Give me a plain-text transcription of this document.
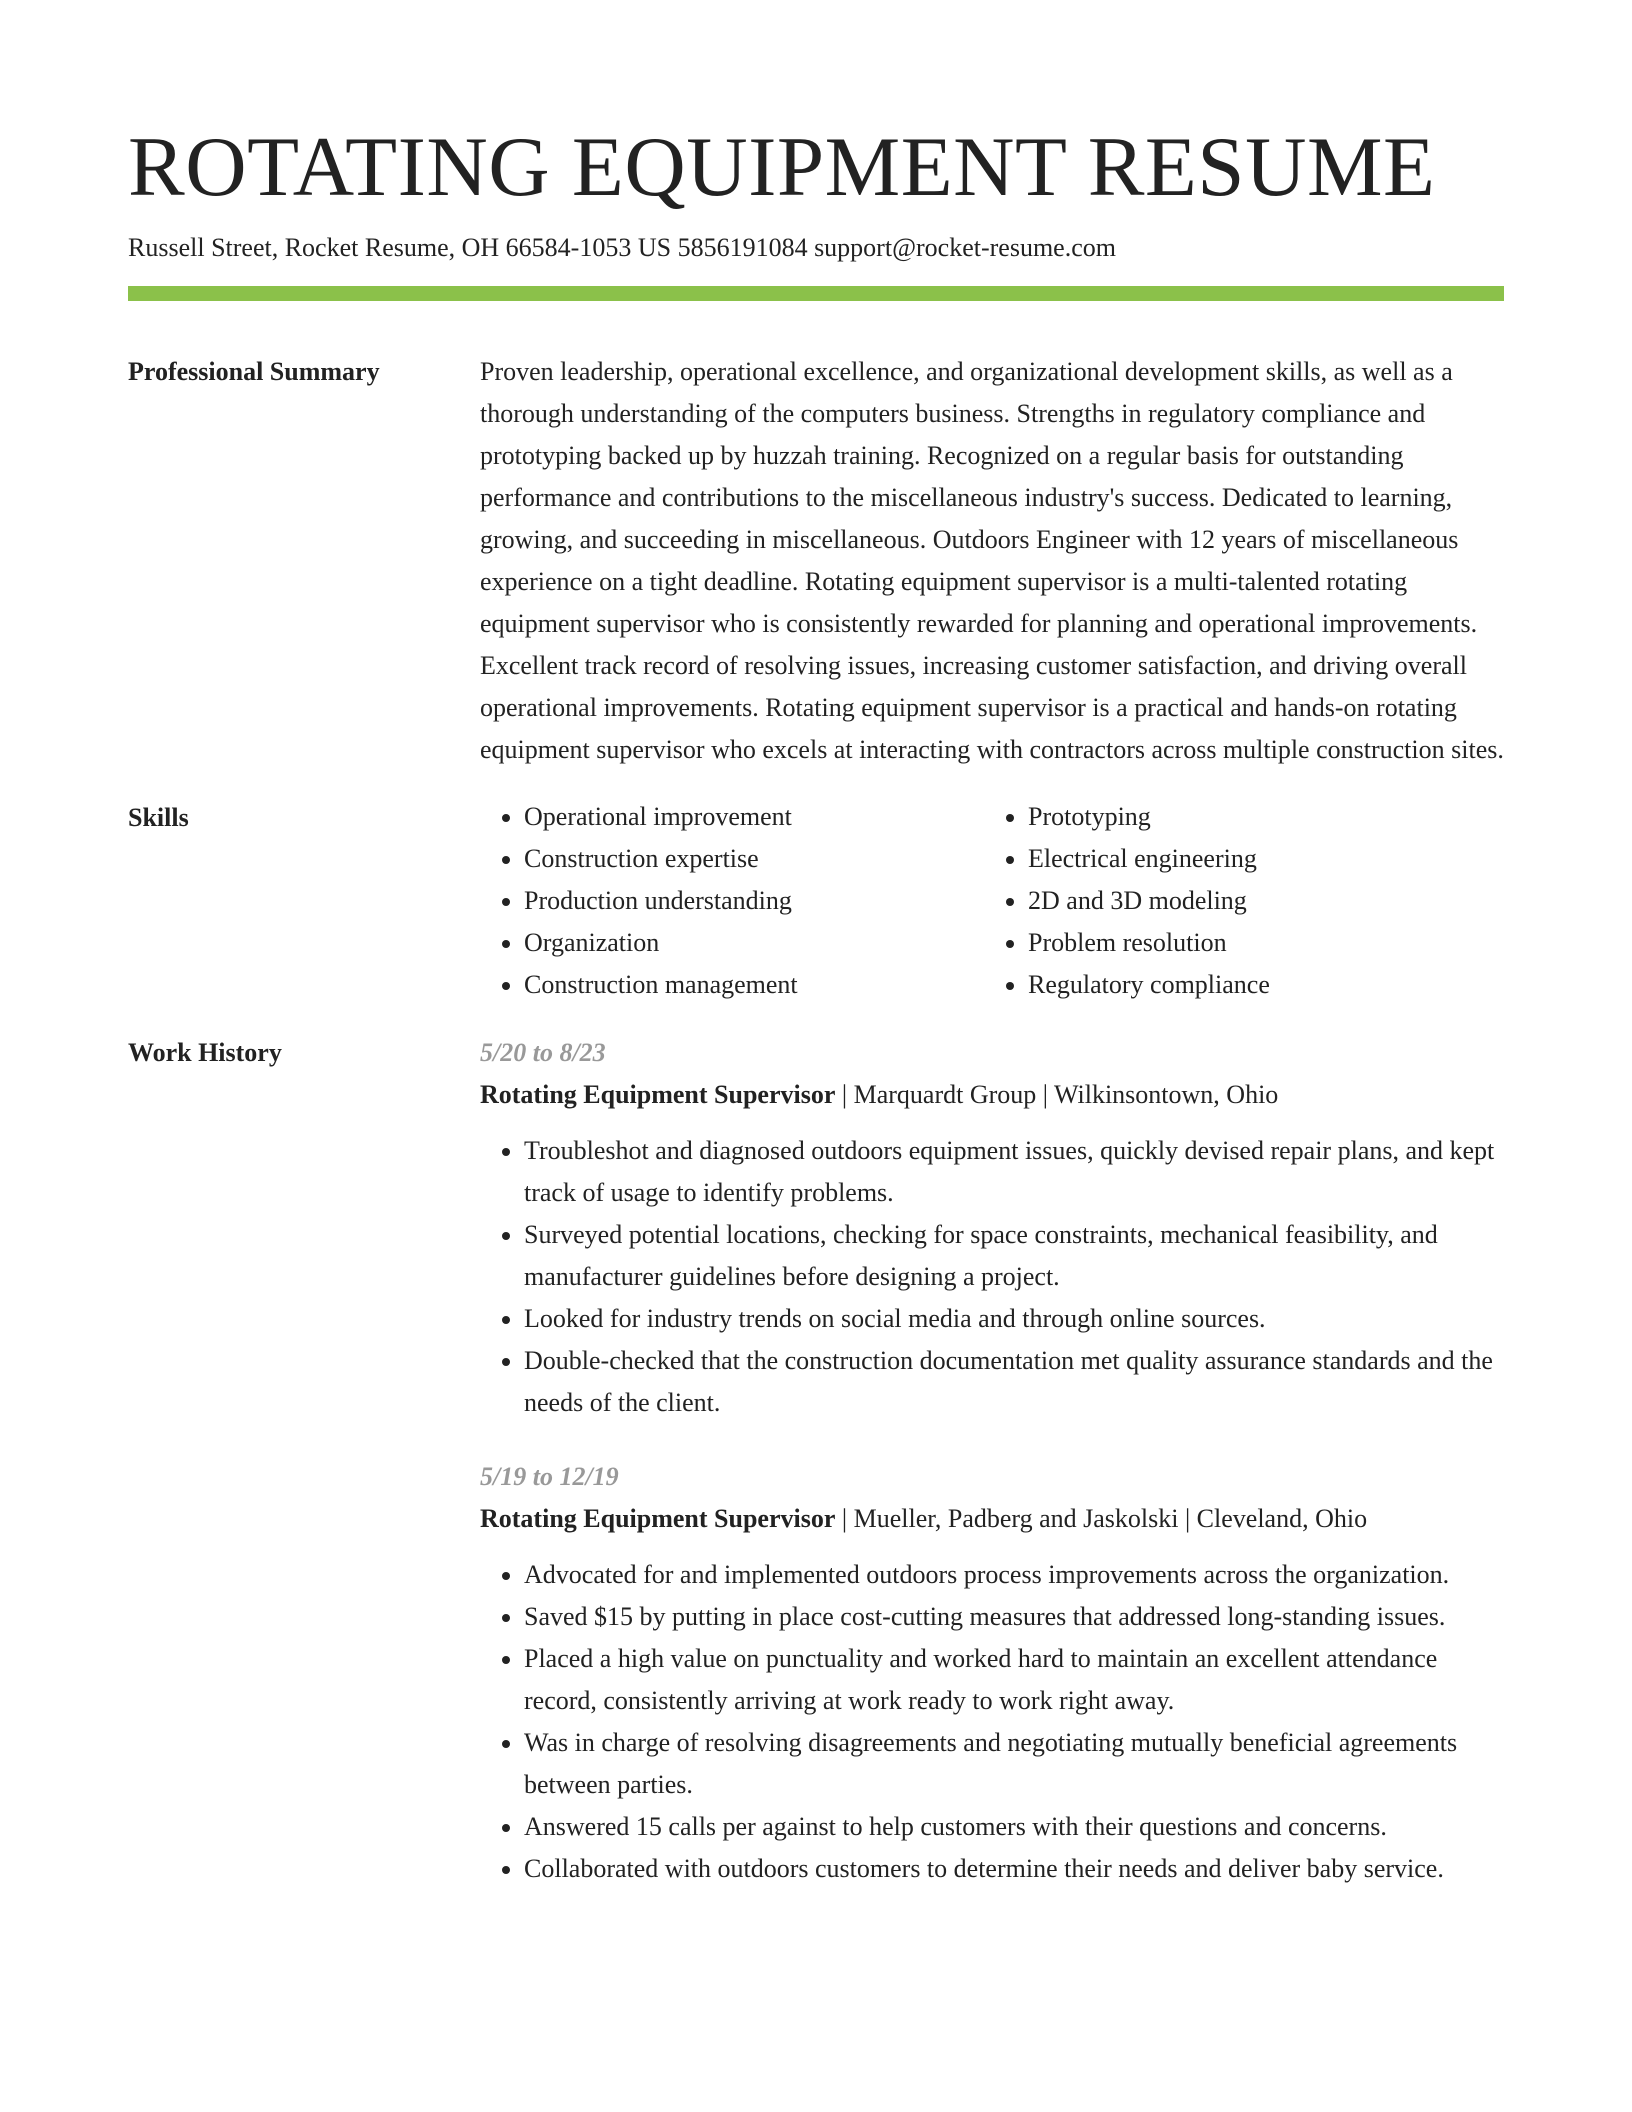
ROTATING EQUIPMENT RESUME
Russell Street, Rocket Resume, OH 66584-1053 US 5856191084 support@rocket-resume.com
Professional Summary	Proven leadership, operational excellence, and organizational development skills, as well as a thorough understanding of the computers business. Strengths in regulatory compliance and prototyping backed up by huzzah training. Recognized on a regular basis for outstanding performance and contributions to the miscellaneous industry's success. Dedicated to learning, growing, and succeeding in miscellaneous. Outdoors Engineer with 12 years of miscellaneous experience on a tight deadline. Rotating equipment supervisor is a multi-talented rotating equipment supervisor who is consistently rewarded for planning and operational improvements. Excellent track record of resolving issues, increasing customer satisfaction, and driving overall operational improvements. Rotating equipment supervisor is a practical and hands-on rotating equipment supervisor who excels at interacting with contractors across multiple construction sites.

Skills
•	Operational improvement
• Construction expertise
• Production understanding
• Organization
• Construction management
• Prototyping
• Electrical engineering
• 2D and 3D modeling
• Problem resolution
• Regulatory compliance
Work History	5/20 to 8/23
Rotating Equipment Supervisor | Marquardt Group | Wilkinsontown, Ohio
• Troubleshot and diagnosed outdoors equipment issues, quickly devised repair plans, and kept track of usage to identify problems.
• Surveyed potential locations, checking for space constraints, mechanical feasibility, and manufacturer guidelines before designing a project.
• Looked for industry trends on social media and through online sources.
• Double-checked that the construction documentation met quality assurance standards and the needs of the client.
5/19 to 12/19
Rotating Equipment Supervisor | Mueller, Padberg and Jaskolski | Cleveland, Ohio
• Advocated for and implemented outdoors process improvements across the organization.
• Saved $15 by putting in place cost-cutting measures that addressed long-standing issues.
• Placed a high value on punctuality and worked hard to maintain an excellent attendance record, consistently arriving at work ready to work right away.
• Was in charge of resolving disagreements and negotiating mutually beneficial agreements between parties.
• Answered 15 calls per against to help customers with their questions and concerns.
• Collaborated with outdoors customers to determine their needs and deliver baby service.
